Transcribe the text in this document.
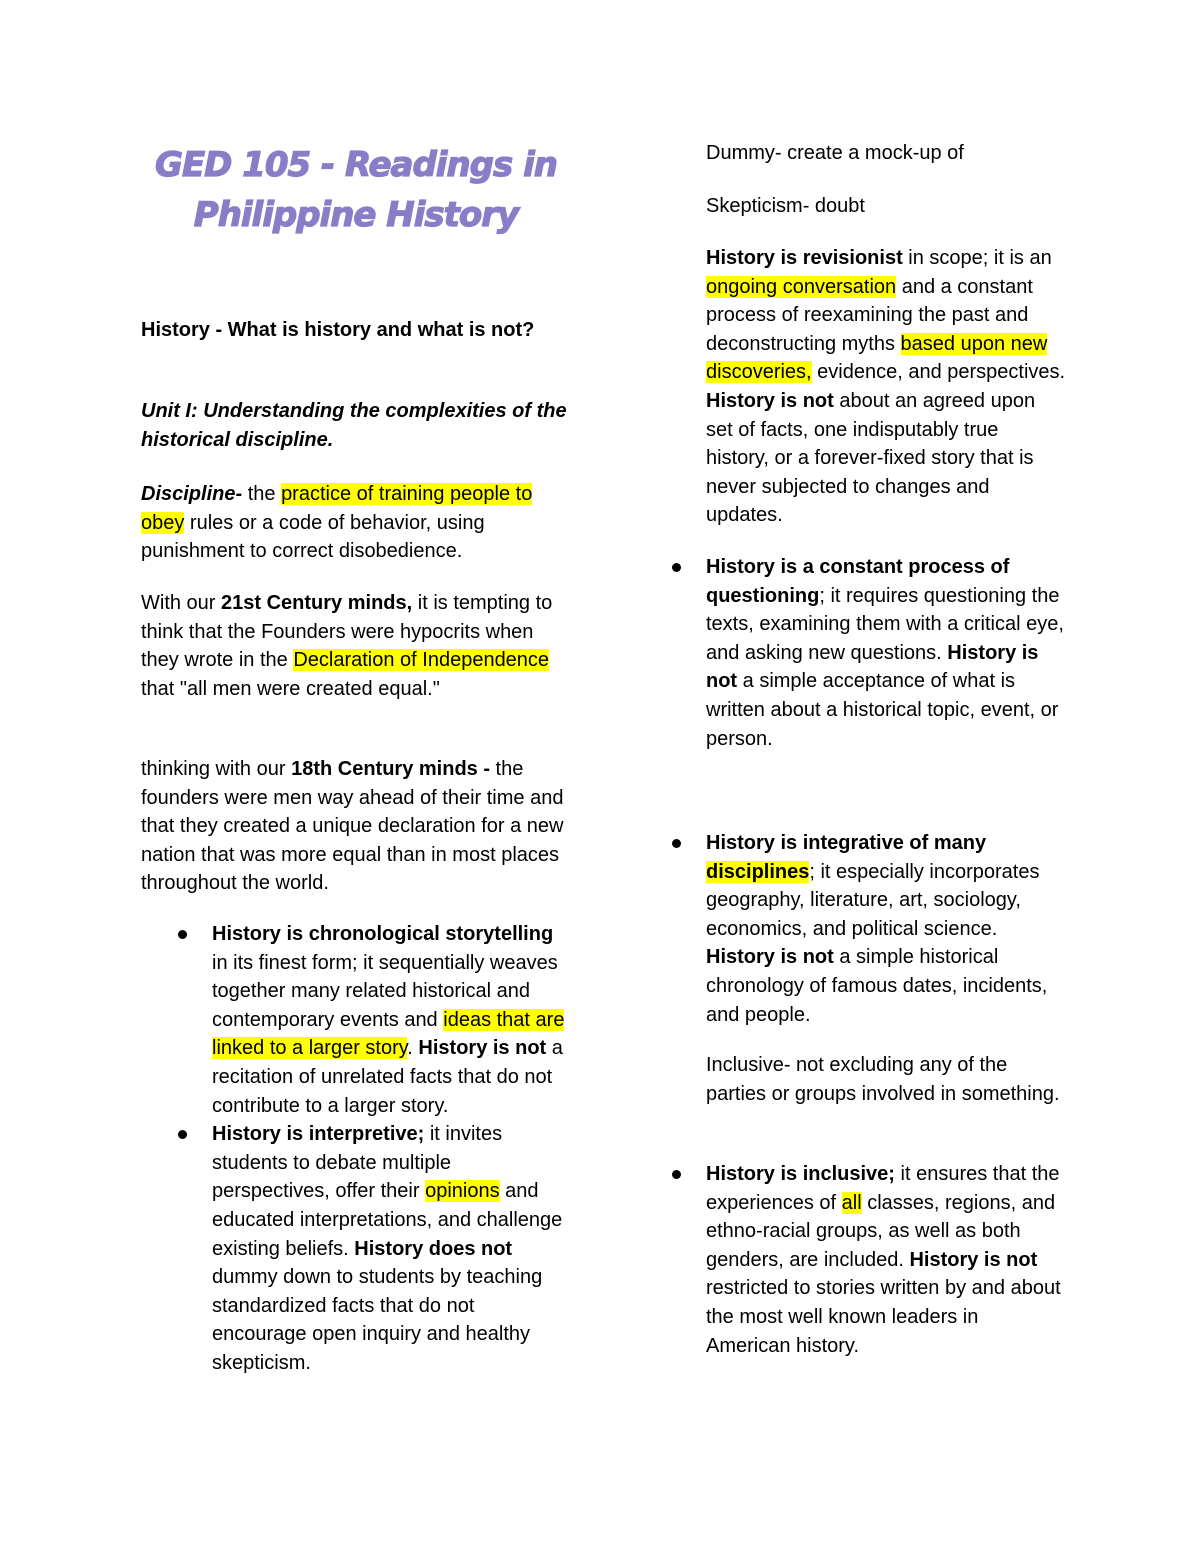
GED 105 - Readings in
Philippine History

History - What is history and what is not?

Unit I: Understanding the complexities of the historical discipline.

Discipline- the practice of training people to obey rules or a code of behavior, using punishment to correct disobedience.

With our 21st Century minds, it is tempting to think that the Founders were hypocrits when they wrote in the Declaration of Independence that "all men were created equal."

thinking with our 18th Century minds - the founders were men way ahead of their time and that they created a unique declaration for a new nation that was more equal than in most places throughout the world.

History is chronological storytelling in its finest form; it sequentially weaves together many related historical and contemporary events and ideas that are linked to a larger story. History is not a recitation of unrelated facts that do not contribute to a larger story.
History is interpretive; it invites students to debate multiple perspectives, offer their opinions and educated interpretations, and challenge existing beliefs. History does not dummy down to students by teaching standardized facts that do not encourage open inquiry and healthy skepticism.

Dummy- create a mock-up of

Skepticism- doubt

History is revisionist in scope; it is an ongoing conversation and a constant process of reexamining the past and deconstructing myths based upon new discoveries, evidence, and perspectives. History is not about an agreed upon set of facts, one indisputably true history, or a forever-fixed story that is never subjected to changes and updates.

History is a constant process of questioning; it requires questioning the texts, examining them with a critical eye, and asking new questions. History is not a simple acceptance of what is written about a historical topic, event, or person.
History is integrative of many disciplines; it especially incorporates geography, literature, art, sociology, economics, and political science. History is not a simple historical chronology of famous dates, incidents, and people.

Inclusive- not excluding any of the parties or groups involved in something.

History is inclusive; it ensures that the experiences of all classes, regions, and ethno-racial groups, as well as both genders, are included. History is not restricted to stories written by and about the most well known leaders in American history.
